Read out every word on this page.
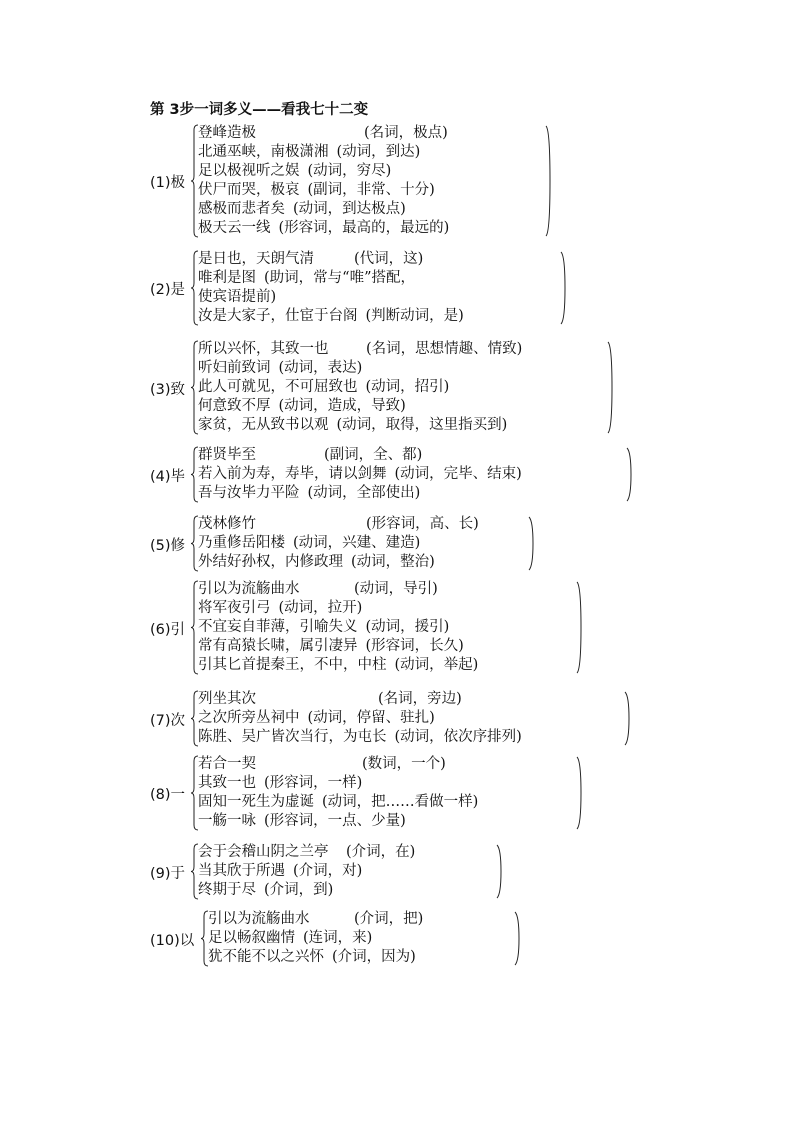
第 3步一词多义——看我七十二变
(1)极
登峰造极	(名词，极点)
北通巫峡，南极潇湘 (动词，到达)
足以极视听之娱 (动词，穷尽)
伏尸而哭，极哀 (副词，非常、十分)
感极而悲者矣 (动词，到达极点)
极天云一线 (形容词，最高的，最远的)
(2)是
是日也，天朗气清	(代词，这)
唯利是图 (助词，常与“唯”搭配，
使宾语提前)
汝是大家子，仕宦于台阁 (判断动词，是)
(3)致
所以兴怀，其致一也	(名词，思想情趣、情致)
听妇前致词 (动词，表达)
此人可就见，不可屈致也 (动词，招引)
何意致不厚 (动词，造成，导致)
家贫，无从致书以观 (动词，取得，这里指买到)
(4)毕
群贤毕至	(副词，全、都)
若入前为寿，寿毕，请以剑舞 (动词，完毕、结束)
吾与汝毕力平险 (动词，全部使出)
(5)修
茂林修竹	(形容词，高、长)
乃重修岳阳楼 (动词，兴建、建造)
外结好孙权，内修政理 (动词，整治)
(6)引
引以为流觞曲水	(动词，导引)
将军夜引弓 (动词，拉开)
不宜妄自菲薄，引喻失义 (动词，援引)
常有高猿长啸，属引凄异 (形容词，长久)
引其匕首提秦王，不中，中柱 (动词，举起)
(7)次
列坐其次	(名词，旁边)
之次所旁丛祠中 (动词，停留、驻扎)
陈胜、吴广皆次当行，为屯长 (动词，依次序排列)
(8)一
若合一契	(数词，一个)
其致一也 (形容词，一样)
固知一死生为虚诞 (动词，把……看做一样)
一觞一咏 (形容词，一点、少量)
(9)于
会于会稽山阴之兰亭 (介词，在)
当其欣于所遇 (介词，对)
终期于尽 (介词，到)
(10)以
引以为流觞曲水	(介词，把)
足以畅叙幽情 (连词，来)
犹不能不以之兴怀 (介词，因为)
